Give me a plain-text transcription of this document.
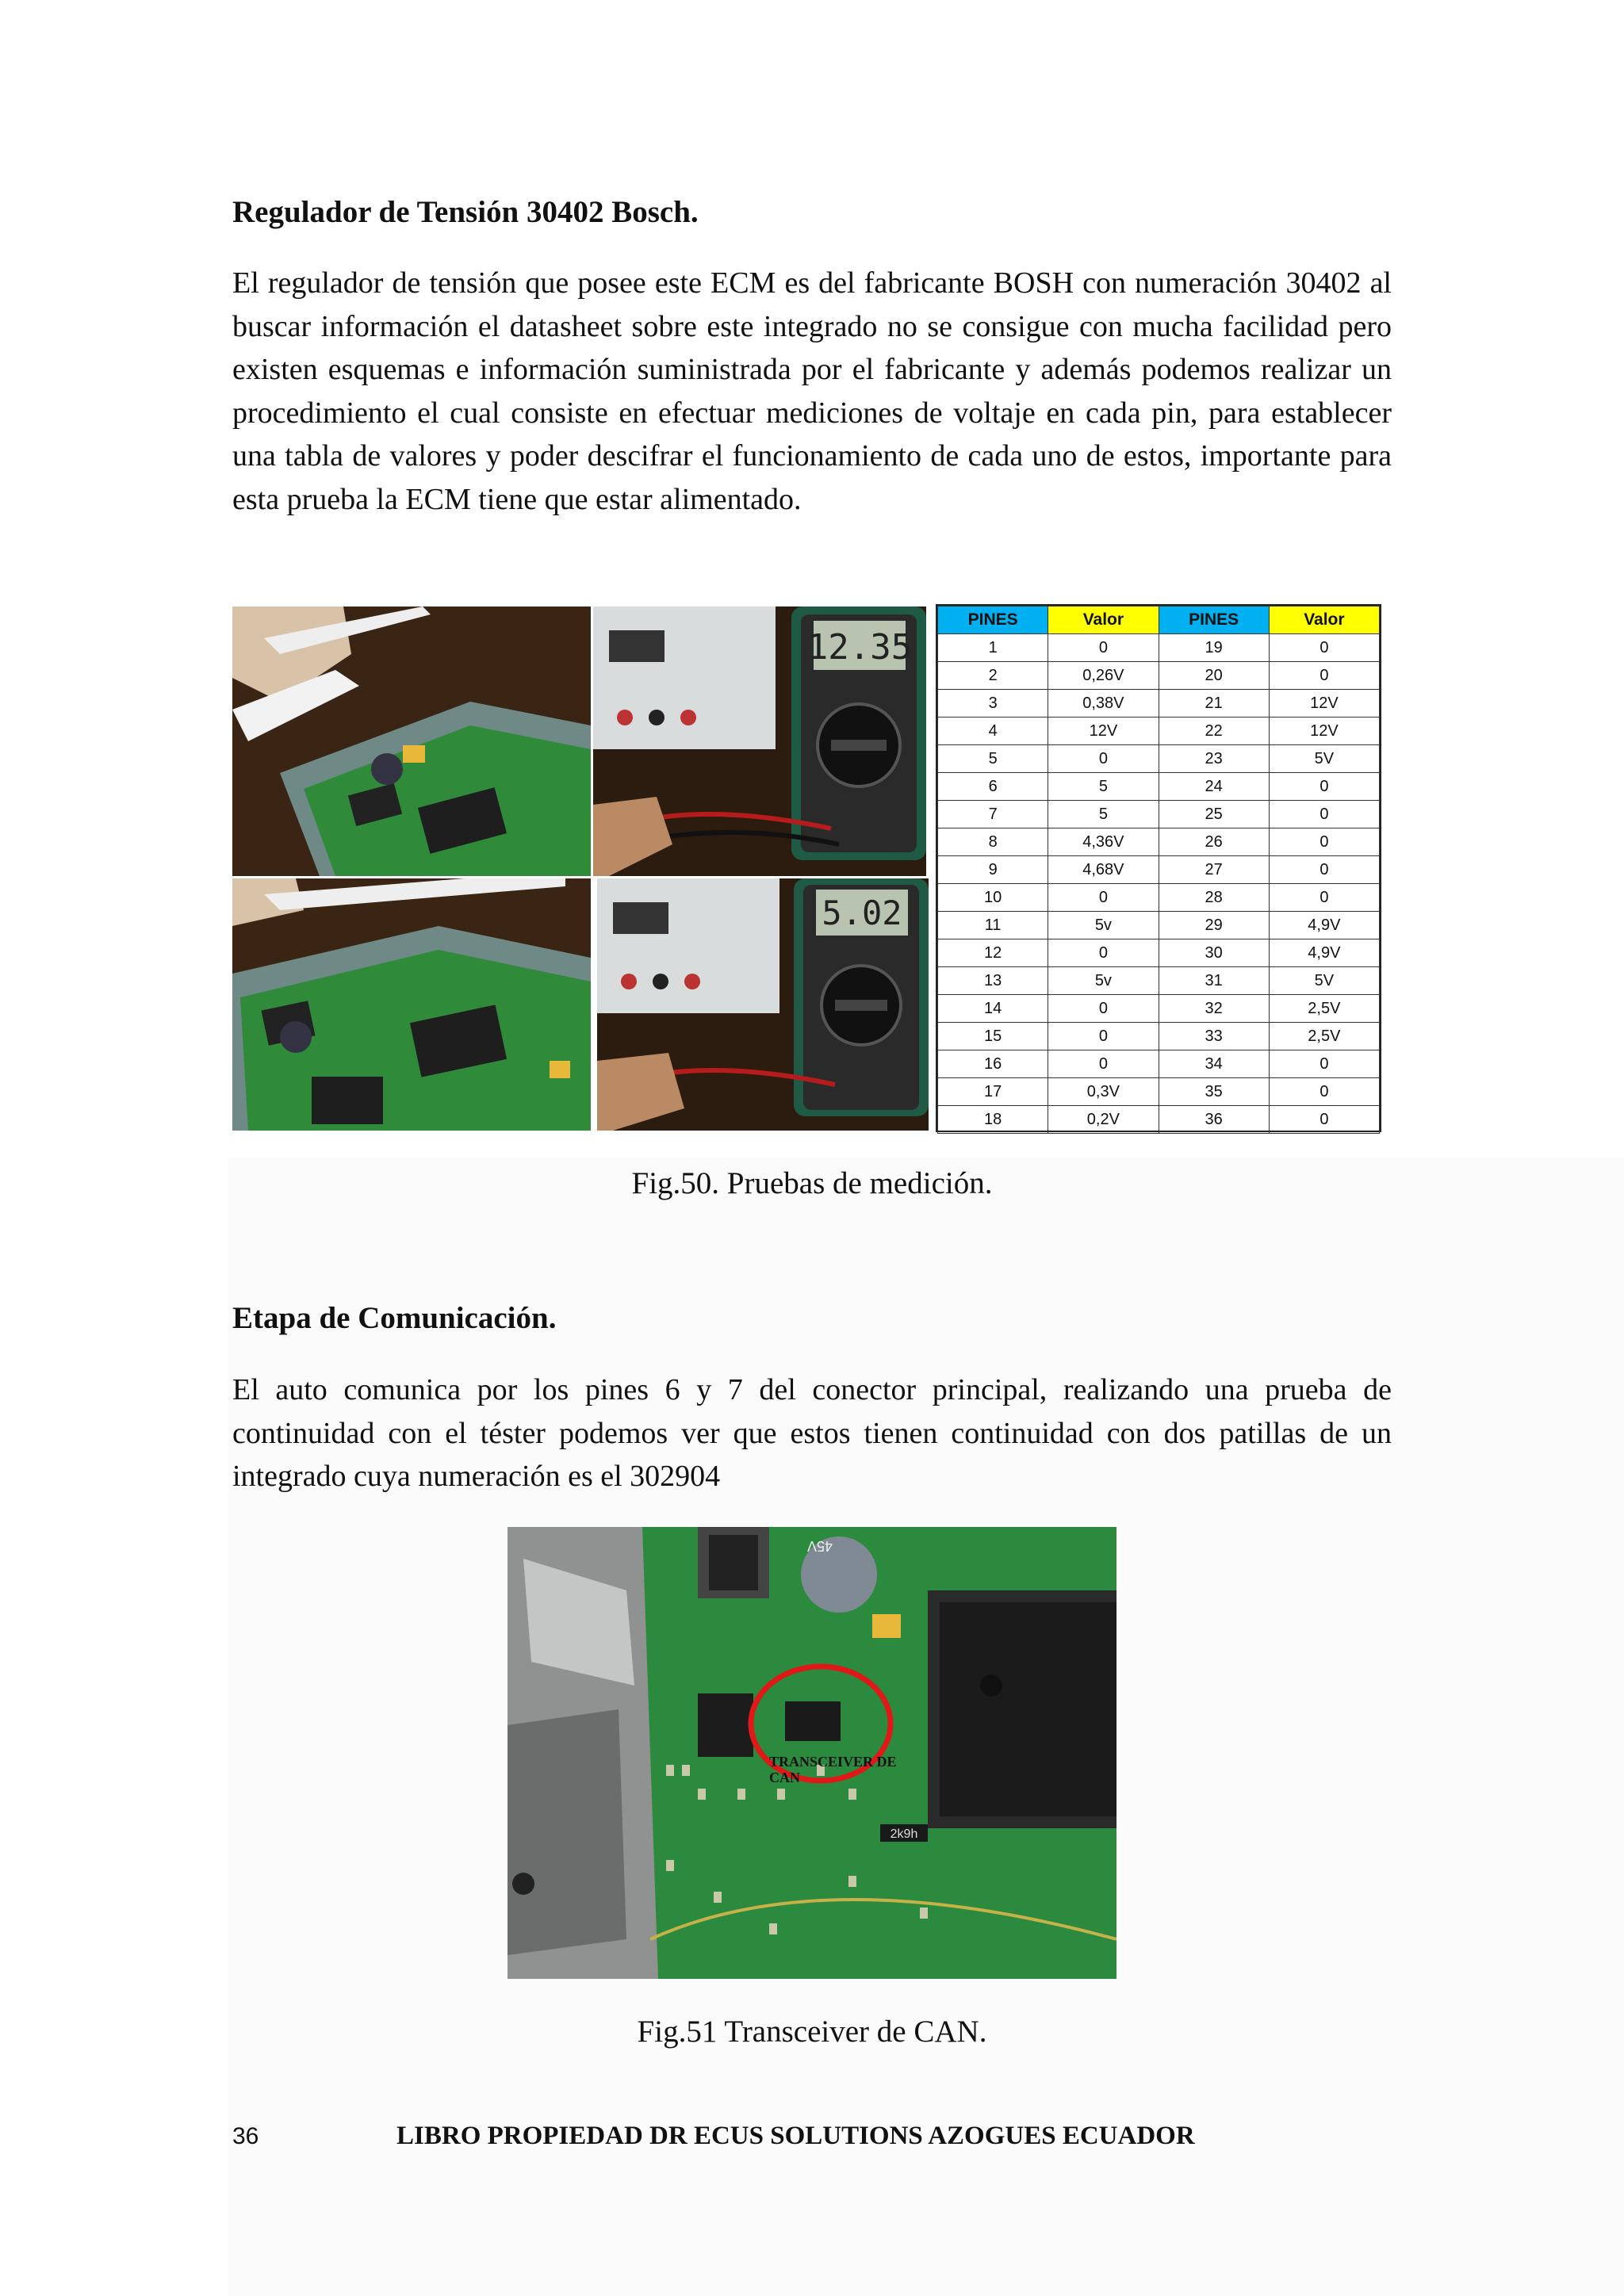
Regulador de Tensión 30402 Bosch.

El regulador de tensión que posee este ECM es del fabricante BOSH con numeración 30402 al buscar información el datasheet sobre este integrado no se consigue con mucha facilidad pero existen esquemas e información suministrada por el fabricante y además podemos realizar un procedimiento el cual consiste en efectuar mediciones de voltaje en cada pin, para establecer una tabla de valores y poder descifrar el funcionamiento de cada uno de estos, importante para esta prueba la ECM tiene que estar alimentado.

12.35
5.02
PINES	Valor	PINES	Valor
1	0	19	0
2	0,26V	20	0
3	0,38V	21	12V
4	12V	22	12V
5	0	23	5V
6	5	24	0
7	5	25	0
8	4,36V	26	0
9	4,68V	27	0
10	0	28	0
11	5v	29	4,9V
12	0	30	4,9V
13	5v	31	5V
14	0	32	2,5V
15	0	33	2,5V
16	0	34	0
17	0,3V	35	0
18	0,2V	36	0
Fig.50. Pruebas de medición.
Etapa de Comunicación.

El auto comunica por los pines 6 y 7 del conector principal, realizando una prueba de continuidad con el téster podemos ver que estos tienen continuidad con dos patillas de un integrado cuya numeración es el 302904

45V
2k9h
TRANSCEIVER DE
CAN
Fig.51 Transceiver de CAN.
36	LIBRO PROPIEDAD DR ECUS SOLUTIONS AZOGUES ECUADOR
